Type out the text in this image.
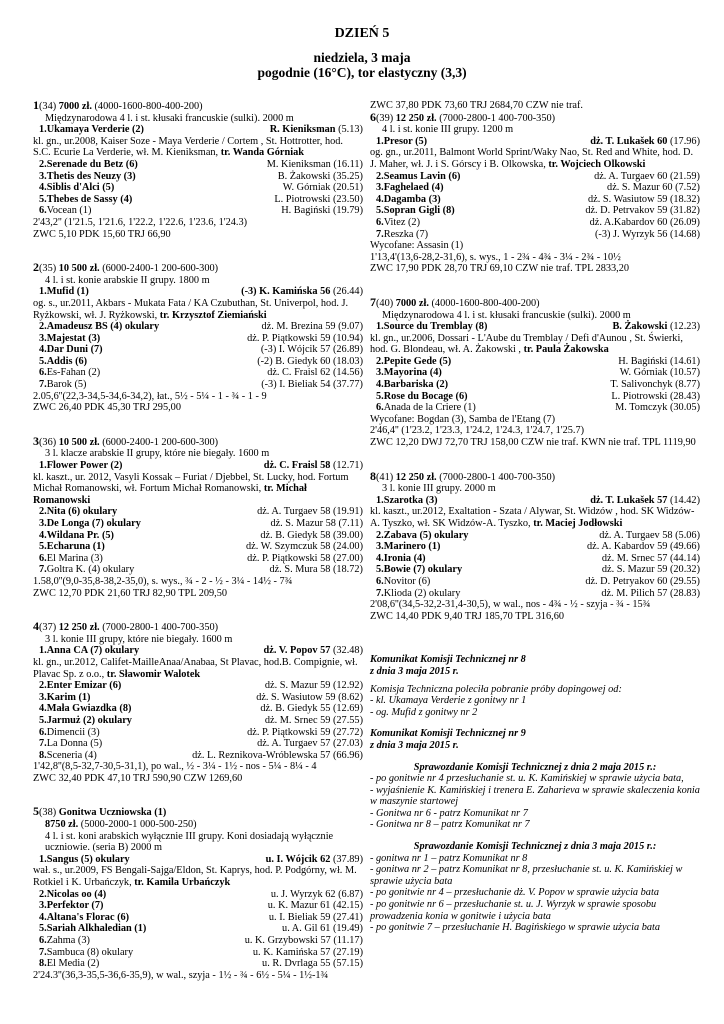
DZIEŃ 5
niedziela, 3 maja
pogodnie (16°C), tor elastyczny (3,3)
1(34) 7000 zł. (4000-1600-800-400-200)
Międzynarodowa 4 l. i st. kłusaki francuskie (sulki). 2000 m
1.Ukamaya Verderie (2)	R. Kieniksman (5.13)
kl. gn., ur.2008, Kaiser Soze - Maya Verderie / Cortem , St. Hottrotter, hod. S.C. Ecurie La Verderie, wł. M. Kieniksman, tr. Wanda Górniak
2.Serenade du Betz (6)	M. Kieniksman (16.11)
3.Thetis des Neuzy (3)	B. Żakowski (35.25)
4.Siblis d'Alci (5)	W. Górniak (20.51)
5.Thebes de Sassy (4)	L. Piotrowski (23.50)
6.Vocean (1)	H. Bagiński (19.79)
2'43,2'' (1'21.5, 1'21.6, 1'22.2, 1'22.6, 1'23.6, 1'24.3)
ZWC 5,10 PDK 15,60 TRJ 66,90
2(35) 10 500 zł. (6000-2400-1 200-600-300)
4 l. i st. konie arabskie II grupy. 1800 m
1.Mufid (1)	(-3) K. Kamińska 56 (26.44)
og. s., ur.2011, Akbars - Mukata Fata / KA Czubuthan, St. Univerpol, hod. J. Ryżkowski, wł. J. Ryżkowski, tr. Krzysztof Ziemiański
2.Amadeusz BS (4) okulary	dż. M. Brezina 59 (9.07)
3.Majestat (3)	dż. P. Piątkowski 59 (10.94)
4.Dar Duni (7)	(-3) I. Wójcik 57 (26.89)
5.Addis (6)	(-2) B. Giedyk 60 (18.03)
6.Es-Fahan (2)	dż. C. Fraisl 62 (14.56)
7.Barok (5)	(-3) I. Bieliak 54 (37.77)
2.05,6''(22,3-34,5-34,6-34,2), łat., 5½ - 5¼ - 1 - ¾ - 1 - 9
ZWC 26,40 PDK 45,30 TRJ 295,00
3(36) 10 500 zł. (6000-2400-1 200-600-300)
3 l. klacze arabskie II grupy, które nie biegały. 1600 m
1.Flower Power (2)	dż. C. Fraisl 58 (12.71)
kl. kaszt., ur. 2012, Vasyli Kossak – Furiat / Djebbel, St. Lucky, hod. Fortum Michał Romanowski, wł. Fortum Michał Romanowski, tr. Michał Romanowski
2.Nita (6) okulary	dż. A. Turgaev 58 (19.91)
3.De Longa (7) okulary	dż. S. Mazur 58 (7.11)
4.Wildana Pr. (5)	dż. B. Giedyk 58 (39.00)
5.Echaruna (1)	dż. W. Szymczuk 58 (24.00)
6.El Marina (3)	dż. P. Piątkowski 58 (27.00)
7.Goltra K. (4) okulary	dż. S. Mura 58 (18.72)
1.58,0''(9,0-35,8-38,2-35,0), s. wys., ¾ - 2 - ½ - 3¼ - 14½ - 7¾
ZWC 12,70 PDK 21,60 TRJ 82,90 TPL 209,50
4(37) 12 250 zł. (7000-2800-1 400-700-350)
3 l. konie III grupy, które nie biegały. 1600 m
1.Anna CA (7) okulary	dż. V. Popov 57 (32.48)
kl. gn., ur.2012, Califet-MailleAnaa/Anabaa, St Plavac, hod.B. Compignie, wł. Plavac Sp. z o.o., tr. Sławomir Walotek
2.Enter Emizar (6)	dż. S. Mazur 59 (12.92)
3.Karim (1)	dż. S. Wasiutow 59 (8.62)
4.Mała Gwiazdka (8)	dż. B. Giedyk 55 (12.69)
5.Jarmuż (2) okulary	dż. M. Srnec 59 (27.55)
6.Dimencii (3)	dż. P. Piątkowski 59 (27.72)
7.La Donna (5)	dż. A. Turgaev 57 (27.03)
8.Sceneria (4)	dż. L. Reznikova-Wróblewska 57 (66.96)
1'42,8''(8,5-32,7-30,5-31,1), po wal., ½ - 3¼ - 1½ - nos - 5¼ - 8¼ - 4
ZWC 32,40 PDK 47,10 TRJ 590,90 CZW 1269,60
5(38) Gonitwa Uczniowska (1)
8750 zł. (5000-2000-1 000-500-250)
4 l. i st. koni arabskich wyłącznie III grupy. Koni dosiadają wyłącznie uczniowie. (seria B) 2000 m
1.Sangus (5) okulary	u. I. Wójcik 62 (37.89)
wał. s., ur.2009, FS Bengali-Sajga/Eldon, St. Kaprys, hod. P. Podgórny, wł. M. Rotkiel i K. Urbańczyk, tr. Kamila Urbańczyk
2.Nicolas oo (4)	u. J. Wyrzyk 62 (6.87)
3.Perfektor (7)	u. K. Mazur 61 (42.15)
4.Altana's Florac (6)	u. I. Bieliak 59 (27.41)
5.Sariah Alkhaledian (1)	u. A. Gil 61 (19.49)
6.Zahma (3)	u. K. Grzybowski 57 (11.17)
7.Sambuca (8) okulary	u. K. Kamińska 57 (27.19)
8.El Media (2)	u. R. Dvrlaga 55 (57.15)
2'24.3''(36,3-35,5-36,6-35,9), w wal., szyja - 1½ - ¾ - 6½ - 5¼ - 1½-1¾
ZWC 37,80 PDK 73,60 TRJ 2684,70 CZW nie traf.
6(39) 12 250 zł. (7000-2800-1 400-700-350)
4 l. i st. konie III grupy. 1200 m
1.Presor (5)	dż. T. Lukašek 60 (17.96)
og. gn., ur.2011, Balmont World Sprint/Waky Nao, St. Red and White, hod. D. J. Maher, wł. J. i S. Górscy i B. Olkowska, tr. Wojciech Olkowski
2.Seamus Lavin (6)	dż. A. Turgaev 60 (21.59)
3.Faghelaed (4)	dż. S. Mazur 60 (7.52)
4.Dagamba (3)	dż. S. Wasiutow 59 (18.32)
5.Sopran Gigli (8)	dż. D. Petrvakov 59 (31.82)
6.Vitez (2)	dż. A.Kabardov 60 (26.09)
7.Reszka (7)	(-3) J. Wyrzyk 56 (14.68)
Wycofane: Assasin (1)
1'13,4'(13,6-28,2-31,6), s. wys., 1 - 2¾ - 4¾ - 3¼ - 2¾ - 10½
ZWC 17,90 PDK 28,70 TRJ 69,10 CZW nie traf. TPL 2833,20
7(40) 7000 zł. (4000-1600-800-400-200)
Międzynarodowa 4 l. i st. kłusaki francuskie (sulki). 2000 m
1.Source du Tremblay (8)	B. Żakowski (12.23)
kl. gn., ur.2006, Dossari - L'Aube du Tremblay / Defi d'Aunou , St. Świerki, hod. G. Blondeau, wł. A. Żakowski , tr. Paula Żakowska
2.Pepite Gede (5)	H. Bagiński (14.61)
3.Mayorina (4)	W. Górniak (10.57)
4.Barbariska (2)	T. Salivonchyk (8.77)
5.Rose du Bocage (6)	L. Piotrowski (28.43)
6.Anada de la Criere (1)	M. Tomczyk (30.05)
Wycofane: Bogdan (3), Samba de l'Etang (7)
2'46,4'' (1'23.2, 1'23.3, 1'24.2, 1'24.3, 1'24.7, 1'25.7)
ZWC 12,20 DWJ 72,70 TRJ 158,00 CZW nie traf. KWN nie traf. TPL 1119,90
8(41) 12 250 zł. (7000-2800-1 400-700-350)
3 l. konie III grupy. 2000 m
1.Szarotka (3)	dż. T. Lukašek 57 (14.42)
kl. kaszt., ur.2012, Exaltation - Szata / Alywar, St. Widzów , hod. SK Widzów-A. Tyszko, wł. SK Widzów-A. Tyszko, tr. Maciej Jodłowski
2.Zabava (5) okulary	dż. A. Turgaev 58 (5.06)
3.Marinero (1)	dż. A. Kabardov 59 (49.66)
4.Ironia (4)	dż. M. Srnec 57 (44.14)
5.Bowie (7) okulary	dż. S. Mazur 59 (20.32)
6.Novitor (6)	dż. D. Petryakov 60 (29.55)
7.Klioda (2) okulary	dż. M. Pilich 57 (28.83)
2'08,6''(34,5-32,2-31,4-30,5), w wal., nos - 4¾ - ½ - szyja - ¾ - 15¾
ZWC 14,40 PDK 9,40 TRJ 185,70 TPL 316,60
Komunikat Komisji Technicznej nr 8
z dnia 3 maja 2015 r.
Komisja Techniczna poleciła pobranie próby dopingowej od:
- kl. Ukamaya Verderie z gonitwy nr 1
- og. Mufid z gonitwy nr 2
Komunikat Komisji Technicznej nr 9
z dnia 3 maja 2015 r.
Sprawozdanie Komisji Technicznej z dnia 2 maja 2015 r.:
- po gonitwie nr 4 przesłuchanie st. u. K. Kamińskiej w sprawie użycia bata,
- wyjaśnienie K. Kamińskiej i trenera E. Zaharieva w sprawie skaleczenia konia w maszynie startowej
- Gonitwa nr 6 - patrz Komunikat nr 7
- Gonitwa nr 8 – patrz Komunikat nr 7
Sprawozdanie Komisji Technicznej z dnia 3 maja 2015 r.:
- gonitwa nr 1 – patrz Komunikat nr 8
- gonitwa nr 2 – patrz Komunikat nr 8, przesłuchanie st. u. K. Kamińskiej w sprawie użycia bata
- po gonitwie nr 4 – przesłuchanie dż. V. Popov w sprawie użycia bata
- po gonitwie nr 6 – przesłuchanie st. u. J. Wyrzyk w sprawie sposobu prowadzenia konia w gonitwie i użycia bata
- po gonitwie 7 – przesłuchanie H. Bagińskiego w sprawie użycia bata
